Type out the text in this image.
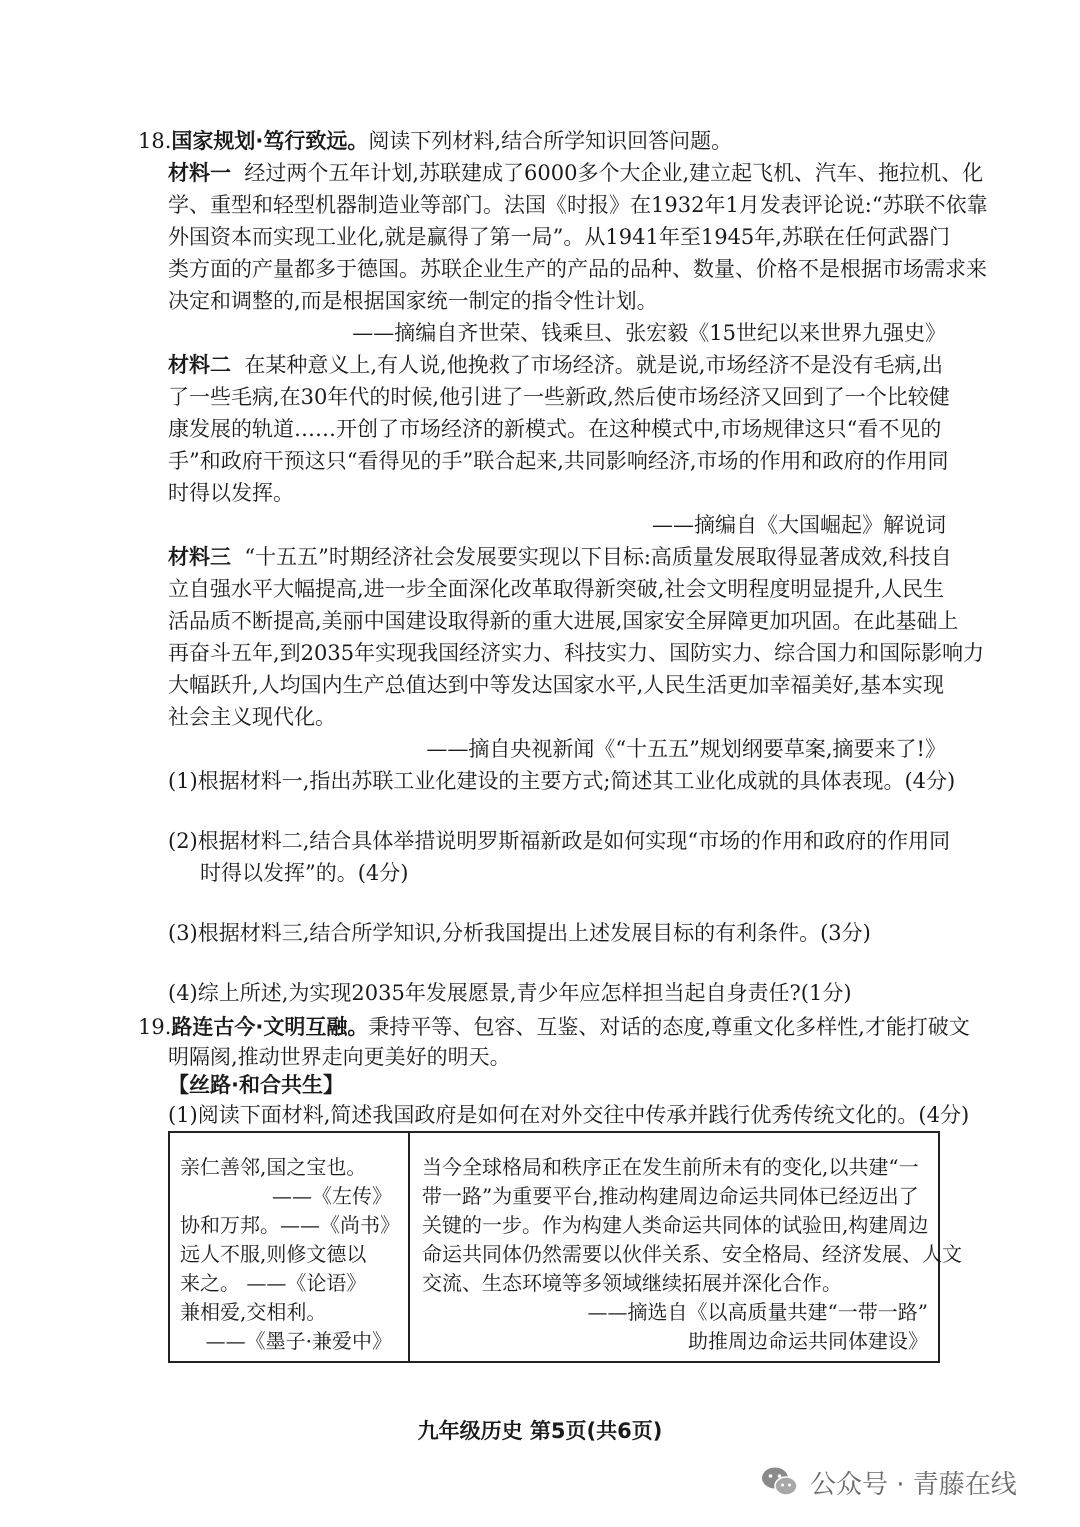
18.国家规划·笃行致远。阅读下列材料,结合所学知识回答问题。
材料一 经过两个五年计划,苏联建成了6000多个大企业,建立起飞机、汽车、拖拉机、化
学、重型和轻型机器制造业等部门。法国《时报》在1932年1月发表评论说:“苏联不依靠
外国资本而实现工业化,就是赢得了第一局”。从1941年至1945年,苏联在任何武器门
类方面的产量都多于德国。苏联企业生产的产品的品种、数量、价格不是根据市场需求来
决定和调整的,而是根据国家统一制定的指令性计划。
——摘编自齐世荣、钱乘旦、张宏毅《15世纪以来世界九强史》
材料二 在某种意义上,有人说,他挽救了市场经济。就是说,市场经济不是没有毛病,出
了一些毛病,在30年代的时候,他引进了一些新政,然后使市场经济又回到了一个比较健
康发展的轨道……开创了市场经济的新模式。在这种模式中,市场规律这只“看不见的
手”和政府干预这只“看得见的手”联合起来,共同影响经济,市场的作用和政府的作用同
时得以发挥。
——摘编自《大国崛起》解说词
材料三 “十五五”时期经济社会发展要实现以下目标:高质量发展取得显著成效,科技自
立自强水平大幅提高,进一步全面深化改革取得新突破,社会文明程度明显提升,人民生
活品质不断提高,美丽中国建设取得新的重大进展,国家安全屏障更加巩固。在此基础上
再奋斗五年,到2035年实现我国经济实力、科技实力、国防实力、综合国力和国际影响力
大幅跃升,人均国内生产总值达到中等发达国家水平,人民生活更加幸福美好,基本实现
社会主义现代化。
——摘自央视新闻《“十五五”规划纲要草案,摘要来了!》
(1)根据材料一,指出苏联工业化建设的主要方式;简述其工业化成就的具体表现。(4分)
(2)根据材料二,结合具体举措说明罗斯福新政是如何实现“市场的作用和政府的作用同
时得以发挥”的。(4分)
(3)根据材料三,结合所学知识,分析我国提出上述发展目标的有利条件。(3分)
(4)综上所述,为实现2035年发展愿景,青少年应怎样担当起自身责任?(1分)
19.路连古今·文明互融。秉持平等、包容、互鉴、对话的态度,尊重文化多样性,才能打破文
明隔阂,推动世界走向更美好的明天。
【丝路·和合共生】
(1)阅读下面材料,简述我国政府是如何在对外交往中传承并践行优秀传统文化的。(4分)
亲仁善邻,国之宝也。
——《左传》
协和万邦。——《尚书》
远人不服,则修文德以
来之。 ——《论语》
兼相爱,交相利。
——《墨子·兼爱中》
当今全球格局和秩序正在发生前所未有的变化,以共建“一
带一路”为重要平台,推动构建周边命运共同体已经迈出了
关键的一步。作为构建人类命运共同体的试验田,构建周边
命运共同体仍然需要以伙伴关系、安全格局、经济发展、人文
交流、生态环境等多领域继续拓展并深化合作。
——摘选自《以高质量共建“一带一路”
助推周边命运共同体建设》
九年级历史 第5页(共6页)
公众号 · 青藤在线
